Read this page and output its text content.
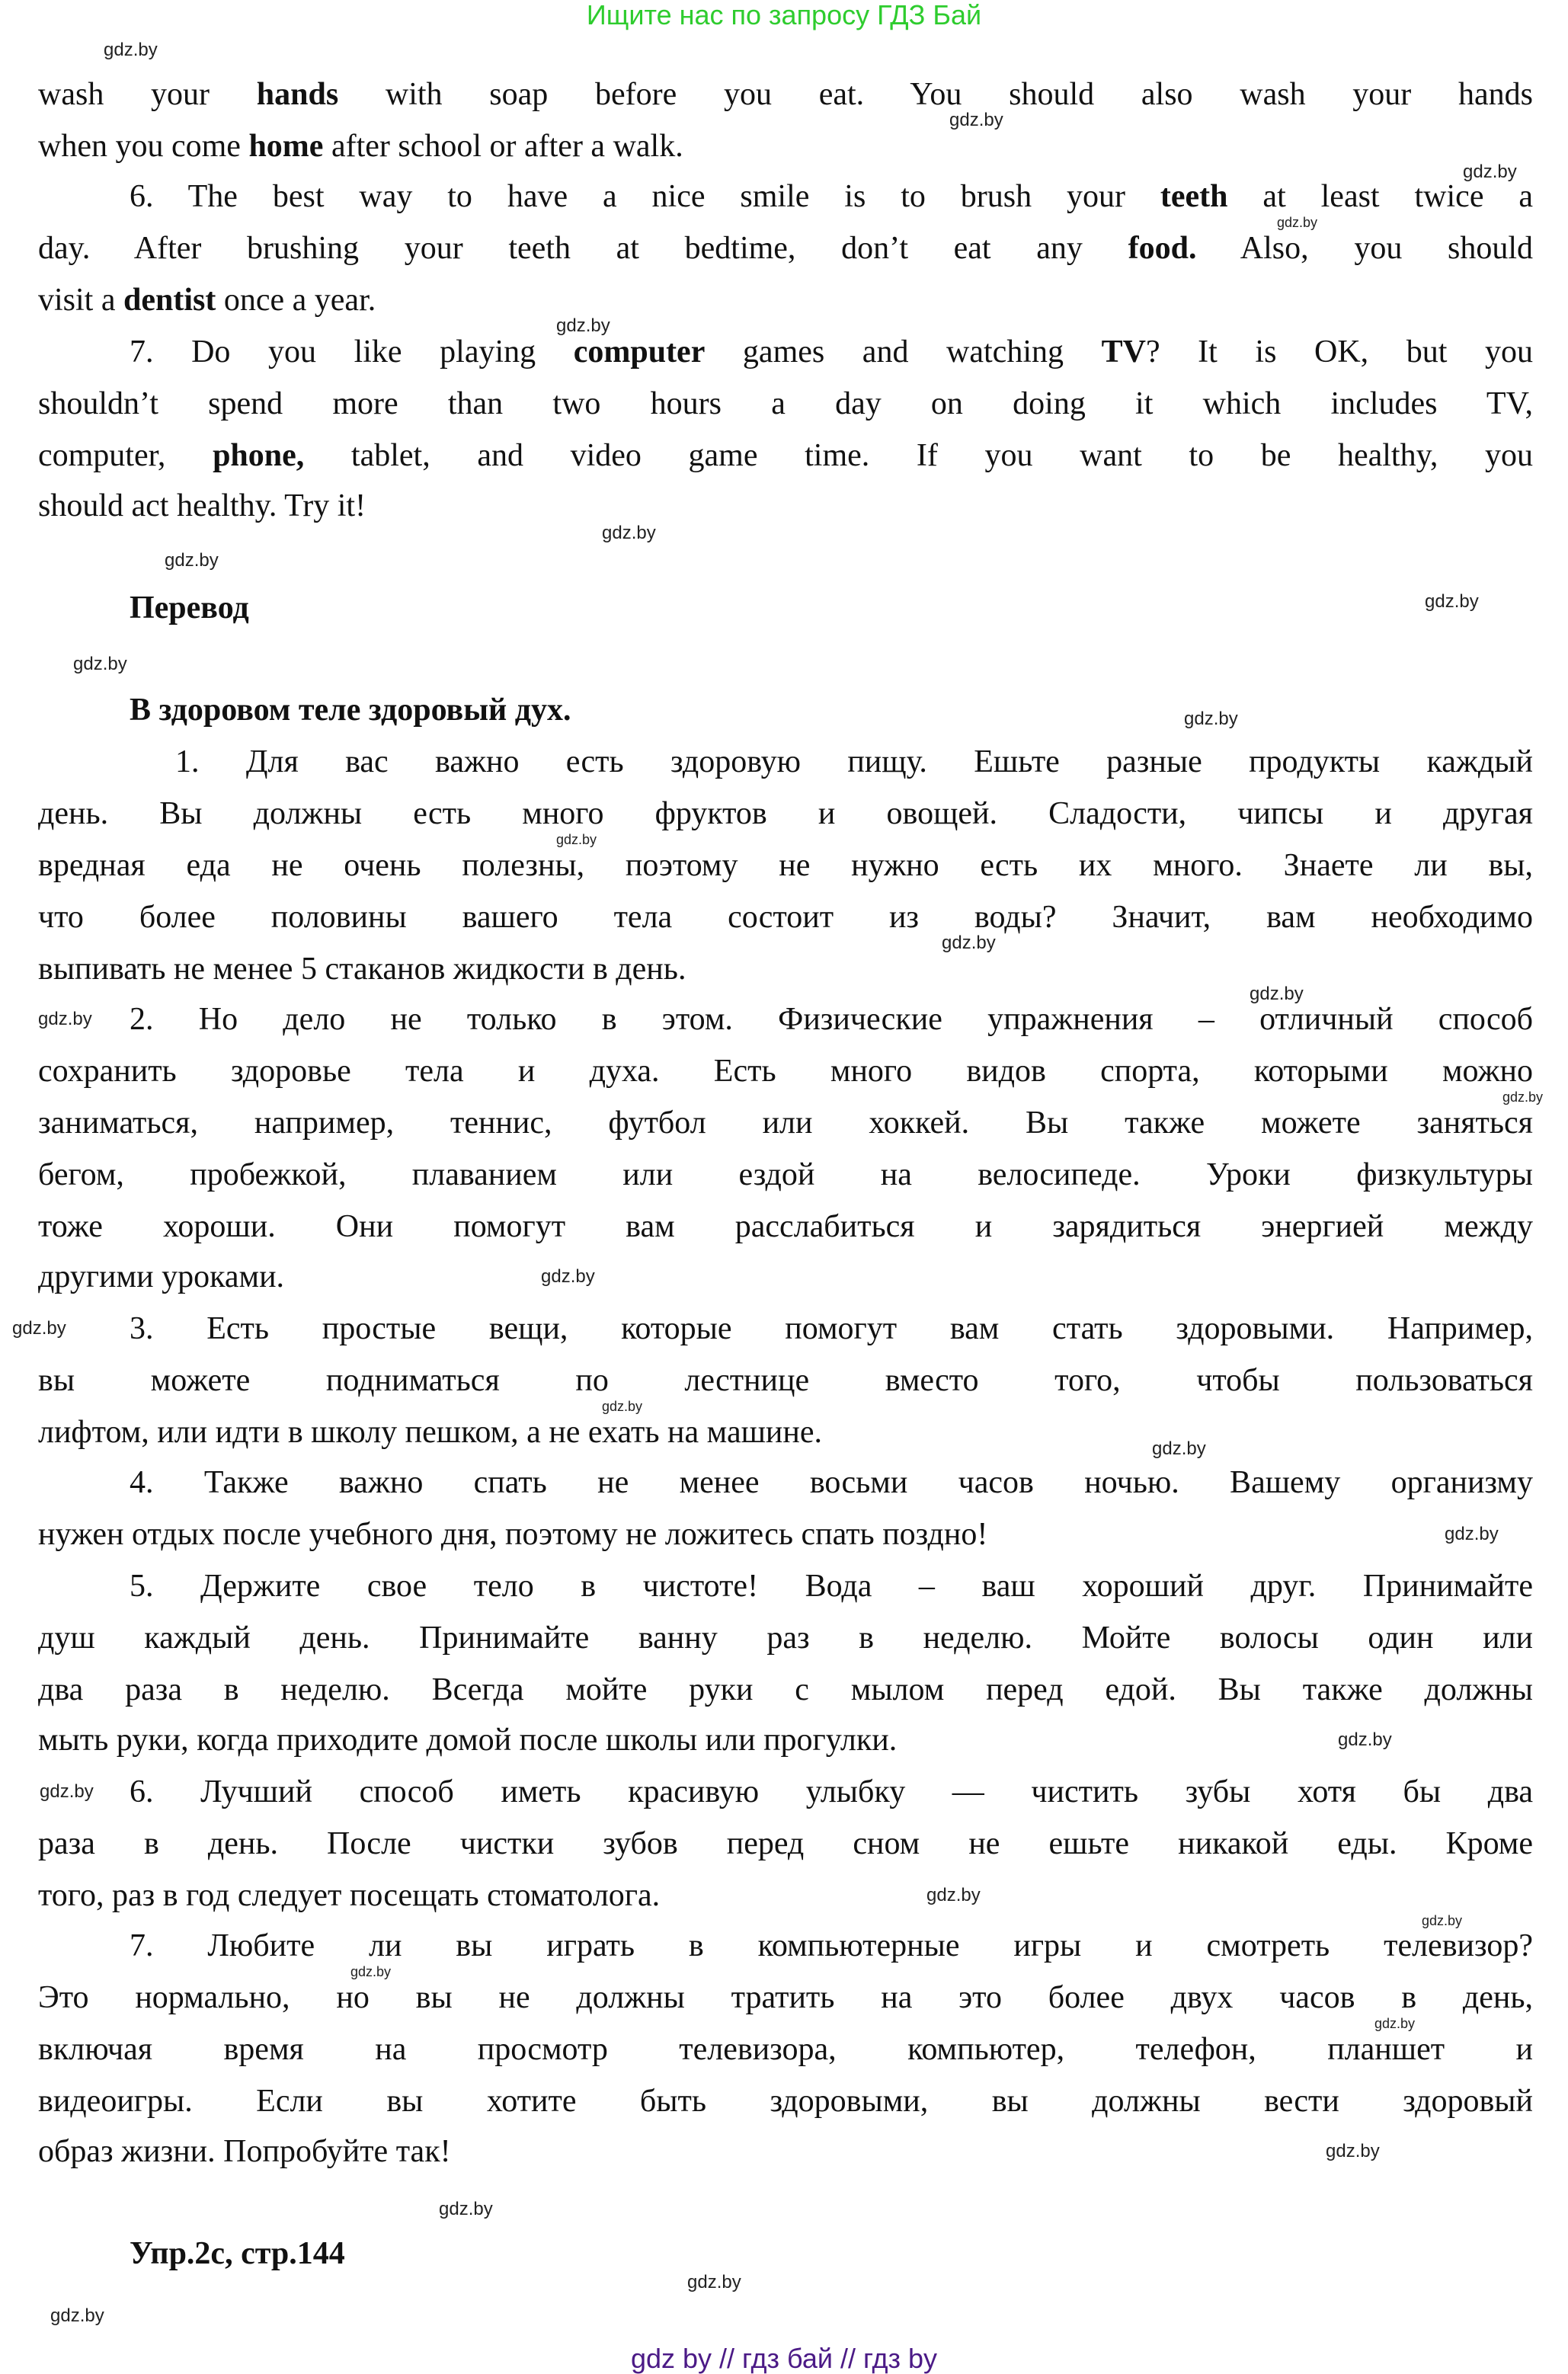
Ищите нас по запросу ГДЗ Бай
wash your hands with soap before you eat. You should also wash your hands
when you come home after school or after a walk.
6. The best way to have a nice smile is to brush your teeth at least twice a
day. After brushing your teeth at bedtime, don’t eat any food. Also, you should
visit a dentist once a year.
7. Do you like playing computer games and watching TV? It is OK, but you
shouldn’t spend more than two hours a day on doing it which includes TV,
computer, phone, tablet, and video game time. If you want to be healthy, you
should act healthy. Try it!
1. Для вас важно есть здоровую пищу. Ешьте разные продукты каждый
день. Вы должны есть много фруктов и овощей. Сладости, чипсы и другая
вредная еда не очень полезны, поэтому не нужно есть их много. Знаете ли вы,
что более половины вашего тела состоит из воды? Значит, вам необходимо
выпивать не менее 5 стаканов жидкости в день.
2. Но дело не только в этом. Физические упражнения – отличный способ
сохранить здоровье тела и духа. Есть много видов спорта, которыми можно
заниматься, например, теннис, футбол или хоккей. Вы также можете заняться
бегом, пробежкой, плаванием или ездой на велосипеде. Уроки физкультуры
тоже хороши. Они помогут вам расслабиться и зарядиться энергией между
другими уроками.
3. Есть простые вещи, которые помогут вам стать здоровыми. Например,
вы можете подниматься по лестнице вместо того, чтобы пользоваться
лифтом, или идти в школу пешком, а не ехать на машине.
4. Также важно спать не менее восьми часов ночью. Вашему организму
нужен отдых после учебного дня, поэтому не ложитесь спать поздно!
5. Держите свое тело в чистоте! Вода – ваш хороший друг. Принимайте
душ каждый день. Принимайте ванну раз в неделю. Мойте волосы один или
два раза в неделю. Всегда мойте руки с мылом перед едой. Вы также должны
мыть руки, когда приходите домой после школы или прогулки.
6. Лучший способ иметь красивую улыбку — чистить зубы хотя бы два
раза в день. После чистки зубов перед сном не ешьте никакой еды. Кроме
того, раз в год следует посещать стоматолога.
7. Любите ли вы играть в компьютерные игры и смотреть телевизор?
Это нормально, но вы не должны тратить на это более двух часов в день,
включая время на просмотр телевизора, компьютер, телефон, планшет и
видеоигры. Если вы хотите быть здоровыми, вы должны вести здоровый
образ жизни. Попробуйте так!
Перевод
В здоровом теле здоровый дух.
Упр.2c, стр.144
gdz.by
gdz.by
gdz.by
gdz.by
gdz.by
gdz.by
gdz.by
gdz.by
gdz.by
gdz.by
gdz.by
gdz.by
gdz.by
gdz.by
gdz.by
gdz.by
gdz.by
gdz.by
gdz.by
gdz.by
gdz.by
gdz.by
gdz.by
gdz.by
gdz.by
gdz.by
gdz.by
gdz.by
gdz.by
gdz.by
gdz by // гдз бай // гдз by
